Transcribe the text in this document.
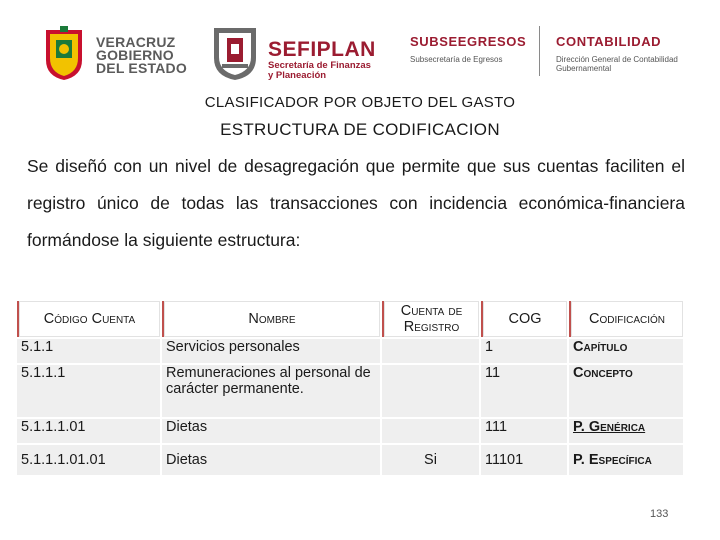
VERACRUZ
GOBIERNO
DEL ESTADO
SEFIPLAN
Secretaría de Finanzas
y Planeación
SUBSEEGRESOS
Subsecretaría de Egresos
CONTABILIDAD
Dirección General de Contabilidad
Gubernamental
CLASIFICADOR POR OBJETO DEL GASTO
ESTRUCTURA DE CODIFICACION
Se diseñó con un nivel de desagregación que permite que sus cuentas faciliten el registro único de todas las transacciones con incidencia económica-financiera formándose la siguiente estructura:
Código Cuenta	Nombre	Cuenta de Registro	COG	Codificación
5.1.1	Servicios personales		1	Capítulo
5.1.1.1	Remuneraciones al personal de carácter permanente.		11	Concepto
5.1.1.1.01	Dietas		111	P. Genérica
5.1.1.1.01.01	Dietas	Si	11101	P. Específica
133
